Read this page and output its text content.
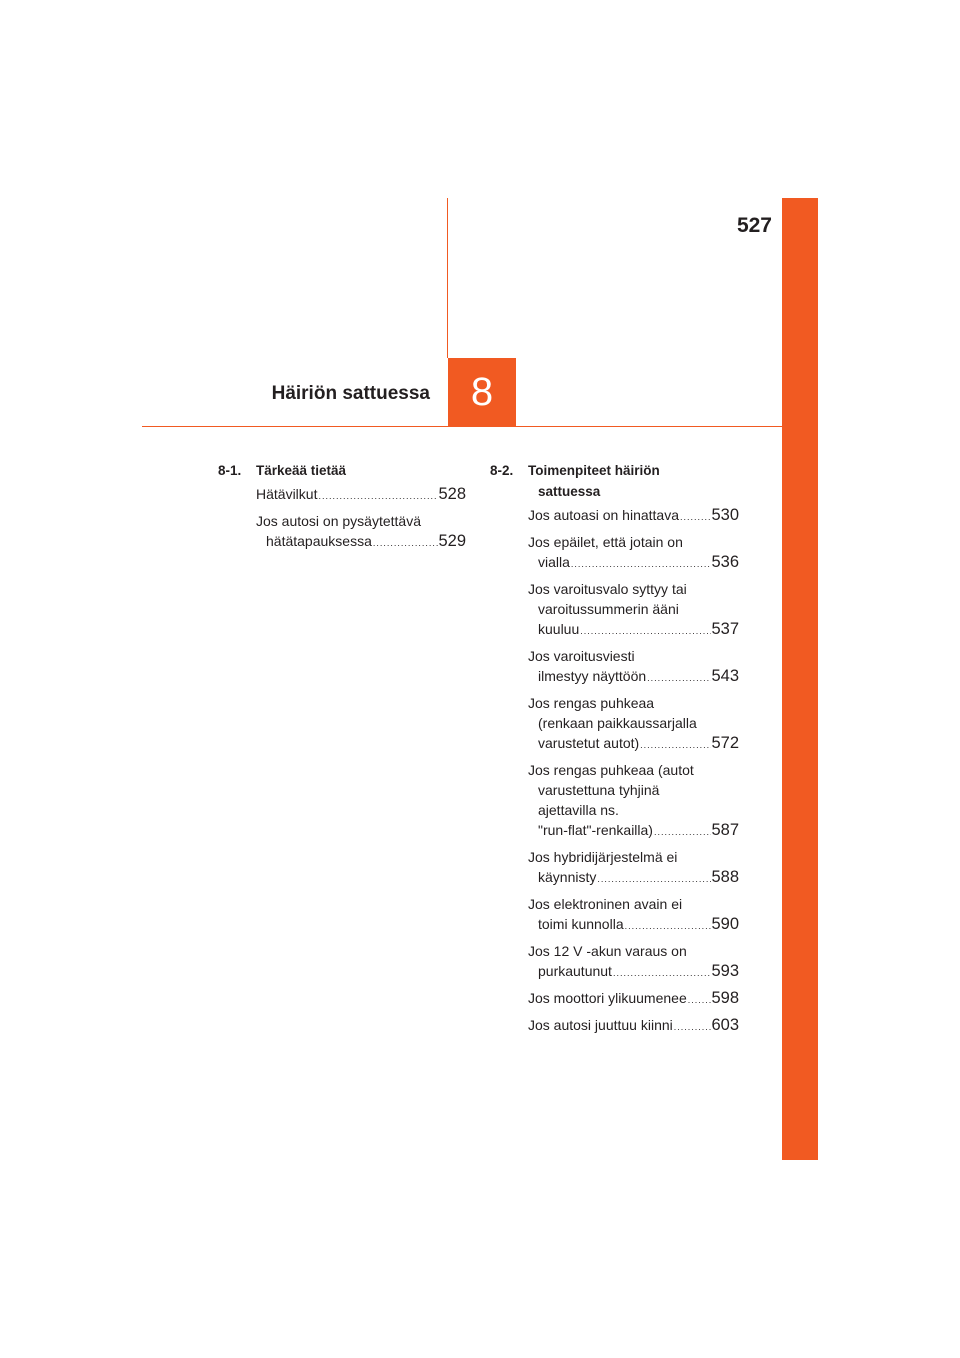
527
Häiriön sattuessa	8
8-1. Tärkeää tietää
Hätävilkut .....	528
Jos autosi on pysäytettävä
hätätapauksessa .....	529
8-2. Toimenpiteet häiriön
sattuessa
Jos autoasi on hinattava ..... 530
Jos epäilet, että jotain on
vialla .....	536
Jos varoitusvalo syttyy tai
varoitussummerin ääni
kuuluu .....	537
Jos varoitusviesti
ilmestyy näyttöön .....	543
Jos rengas puhkeaa
(renkaan paikkaussarjalla
varustetut autot) .....	572
Jos rengas puhkeaa (autot
varustettuna tyhjinä
ajettavilla ns.
"run-flat"-renkailla) .....	587
Jos hybridijärjestelmä ei
käynnisty .....	588
Jos elektroninen avain ei
toimi kunnolla .....	590
Jos 12 V -akun varaus on
purkautunut .....	593
Jos moottori ylikuumenee ..... 598
Jos autosi juuttuu kiinni ..... 603
